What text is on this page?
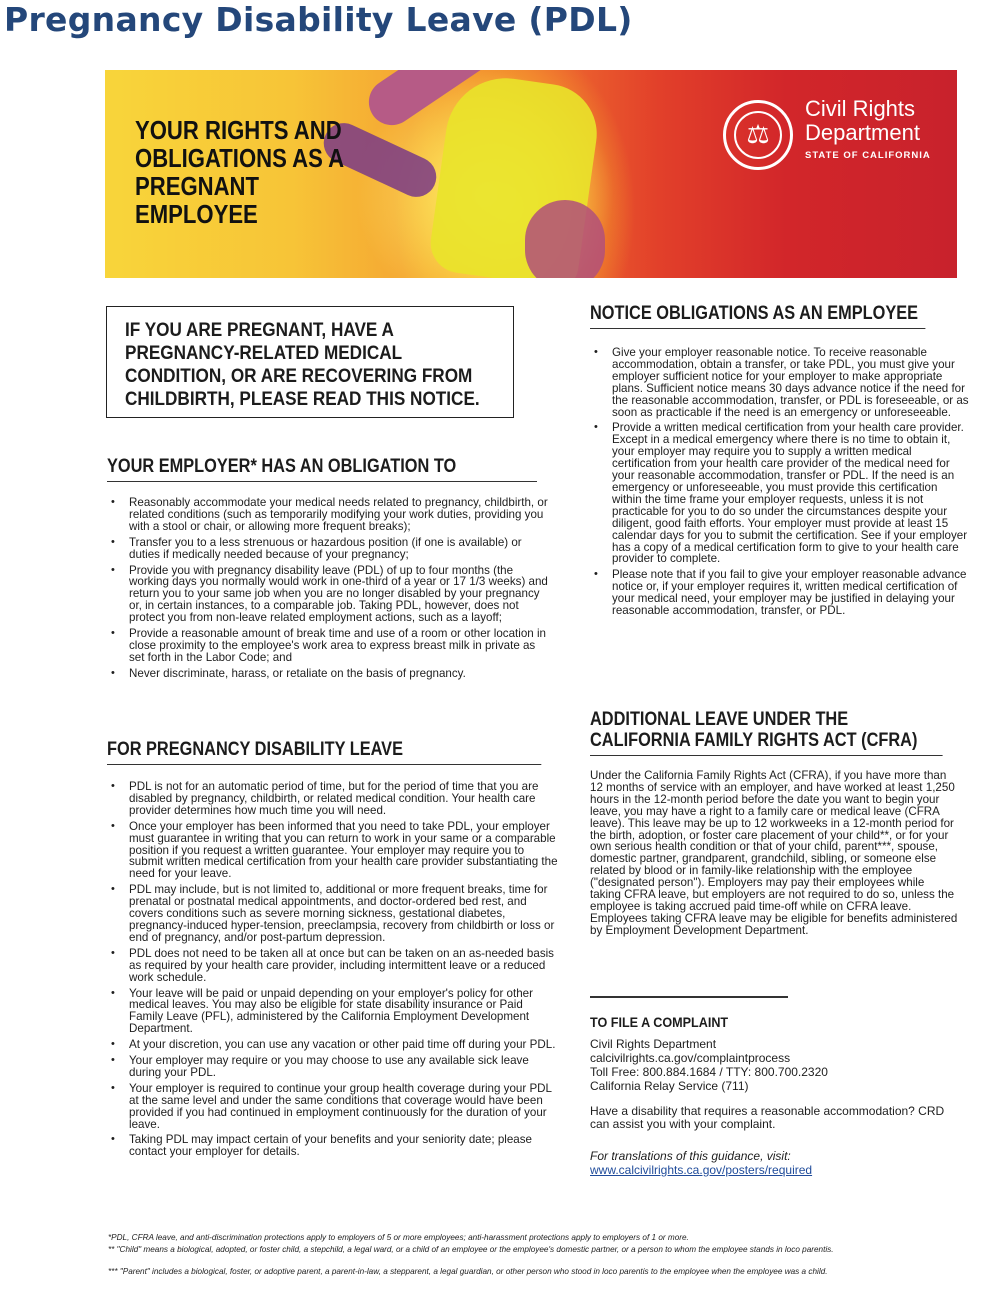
Pregnancy Disability Leave (PDL)
YOUR RIGHTS AND OBLIGATIONS AS A PREGNANT EMPLOYEE
⚖

Civil Rights Department

STATE OF CALIFORNIA

IF YOU ARE PREGNANT, HAVE A PREGNANCY-RELATED MEDICAL CONDITION, OR ARE RECOVERING FROM CHILDBIRTH, PLEASE READ THIS NOTICE.

YOUR EMPLOYER* HAS AN OBLIGATION TO
• Reasonably accommodate your medical needs related to pregnancy, childbirth, or related conditions (such as temporarily modifying your work duties, providing you with a stool or chair, or allowing more frequent breaks);
• Transfer you to a less strenuous or hazardous position (if one is available) or duties if medically needed because of your pregnancy;
• Provide you with pregnancy disability leave (PDL) of up to four months (the working days you normally would work in one-third of a year or 17 1/3 weeks) and return you to your same job when you are no longer disabled by your pregnancy or, in certain instances, to a comparable job. Taking PDL, however, does not protect you from non-leave related employment actions, such as a layoff;
• Provide a reasonable amount of break time and use of a room or other location in close proximity to the employee's work area to express breast milk in private as set forth in the Labor Code; and
• Never discriminate, harass, or retaliate on the basis of pregnancy.
FOR PREGNANCY DISABILITY LEAVE
• PDL is not for an automatic period of time, but for the period of time that you are disabled by pregnancy, childbirth, or related medical condition. Your health care provider determines how much time you will need.
• Once your employer has been informed that you need to take PDL, your employer must guarantee in writing that you can return to work in your same or a comparable position if you request a written guarantee. Your employer may require you to submit written medical certification from your health care provider substantiating the need for your leave.
• PDL may include, but is not limited to, additional or more frequent breaks, time for prenatal or postnatal medical appointments, and doctor-ordered bed rest, and covers conditions such as severe morning sickness, gestational diabetes, pregnancy-induced hyper-tension, preeclampsia, recovery from childbirth or loss or end of pregnancy, and/or post-partum depression.
• PDL does not need to be taken all at once but can be taken on an as-needed basis as required by your health care provider, including intermittent leave or a reduced work schedule.
• Your leave will be paid or unpaid depending on your employer's policy for other medical leaves. You may also be eligible for state disability insurance or Paid Family Leave (PFL), administered by the California Employment Development Department.
• At your discretion, you can use any vacation or other paid time off during your PDL.
• Your employer may require or you may choose to use any available sick leave during your PDL.
• Your employer is required to continue your group health coverage during your PDL at the same level and under the same conditions that coverage would have been provided if you had continued in employment continuously for the duration of your leave.
• Taking PDL may impact certain of your benefits and your seniority date; please contact your employer for details.
NOTICE OBLIGATIONS AS AN EMPLOYEE
• Give your employer reasonable notice. To receive reasonable accommodation, obtain a transfer, or take PDL, you must give your employer sufficient notice for your employer to make appropriate plans. Sufficient notice means 30 days advance notice if the need for the reasonable accommodation, transfer, or PDL is foreseeable, or as soon as practicable if the need is an emergency or unforeseeable.
• Provide a written medical certification from your health care provider. Except in a medical emergency where there is no time to obtain it, your employer may require you to supply a written medical certification from your health care provider of the medical need for your reasonable accommodation, transfer or PDL. If the need is an emergency or unforeseeable, you must provide this certification within the time frame your employer requests, unless it is not practicable for you to do so under the circumstances despite your diligent, good faith efforts. Your employer must provide at least 15 calendar days for you to submit the certification. See if your employer has a copy of a medical certification form to give to your health care provider to complete.
• Please note that if you fail to give your employer reasonable advance notice or, if your employer requires it, written medical certification of your medical need, your employer may be justified in delaying your reasonable accommodation, transfer, or PDL.
ADDITIONAL LEAVE UNDER THE CALIFORNIA FAMILY RIGHTS ACT (CFRA)

Under the California Family Rights Act (CFRA), if you have more than 12 months of service with an employer, and have worked at least 1,250 hours in the 12-month period before the date you want to begin your leave, you may have a right to a family care or medical leave (CFRA leave). This leave may be up to 12 workweeks in a 12-month period for the birth, adoption, or foster care placement of your child**, or for your own serious health condition or that of your child, parent***, spouse, domestic partner, grandparent, grandchild, sibling, or someone else related by blood or in family-like relationship with the employee ("designated person"). Employers may pay their employees while taking CFRA leave, but employers are not required to do so, unless the employee is taking accrued paid time-off while on CFRA leave. Employees taking CFRA leave may be eligible for benefits administered by Employment Development Department.

TO FILE A COMPLAINT

Civil Rights Department

calcivilrights.ca.gov/complaintprocess

Toll Free: 800.884.1684 / TTY: 800.700.2320

California Relay Service (711)

Have a disability that requires a reasonable accommodation? CRD can assist you with your complaint.

For translations of this guidance, visit:

www.calcivilrights.ca.gov/posters/required

*PDL, CFRA leave, and anti-discrimination protections apply to employers of 5 or more employees; anti-harassment protections apply to employers of 1 or more.

** "Child" means a biological, adopted, or foster child, a stepchild, a legal ward, or a child of an employee or the employee's domestic partner, or a person to whom the employee stands in loco parentis.

*** "Parent" includes a biological, foster, or adoptive parent, a parent-in-law, a stepparent, a legal guardian, or other person who stood in loco parentis to the employee when the employee was a child.
